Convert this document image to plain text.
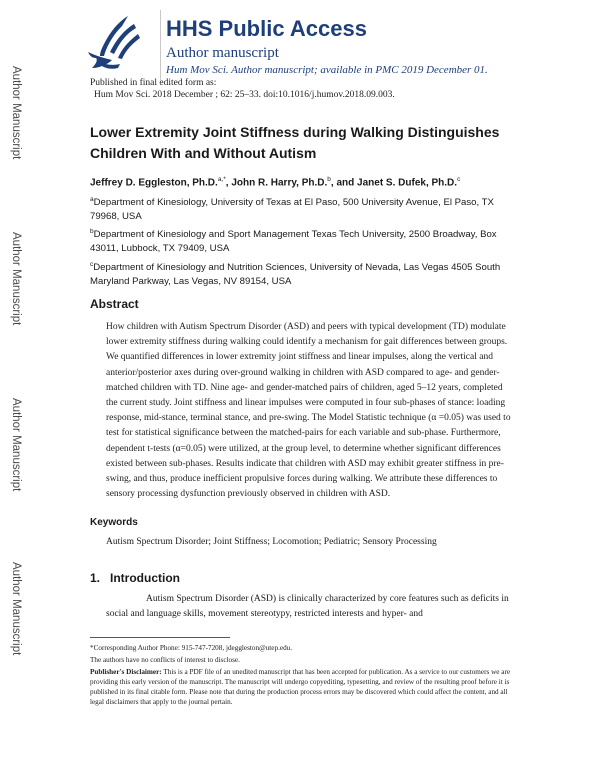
Author Manuscript
Author Manuscript
Author Manuscript
Author Manuscript
HHS Public Access
Author manuscript
Hum Mov Sci. Author manuscript; available in PMC 2019 December 01.
Published in final edited form as:
Hum Mov Sci. 2018 December ; 62: 25–33. doi:10.1016/j.humov.2018.09.003.
Lower Extremity Joint Stiffness during Walking Distinguishes Children With and Without Autism
Jeffrey D. Eggleston, Ph.D.$^{a,*}$, John R. Harry, Ph.D.$^b$, and Janet S. Dufek, Ph.D.$^c$
$^a$Department of Kinesiology, University of Texas at El Paso, 500 University Avenue, El Paso, TX 79968, USA
$^b$Department of Kinesiology and Sport Management Texas Tech University, 2500 Broadway, Box 43011, Lubbock, TX 79409, USA
$^c$Department of Kinesiology and Nutrition Sciences, University of Nevada, Las Vegas 4505 South Maryland Parkway, Las Vegas, NV 89154, USA
Abstract
How children with Autism Spectrum Disorder (ASD) and peers with typical development (TD) modulate lower extremity stiffness during walking could identify a mechanism for gait differences between groups. We quantified differences in lower extremity joint stiffness and linear impulses, along the vertical and anterior/posterior axes during over-ground walking in children with ASD compared to age- and gender-matched children with TD. Nine age- and gender-matched pairs of children, aged 5–12 years, completed the current study. Joint stiffness and linear impulses were computed in four sub-phases of stance: loading response, mid-stance, terminal stance, and pre-swing. The Model Statistic technique (α =0.05) was used to test for statistical significance between the matched-pairs for each variable and sub-phase. Furthermore, dependent t-tests (α=0.05) were utilized, at the group level, to determine whether significant differences existed between sub-phases. Results indicate that children with ASD may exhibit greater stiffness in pre-swing, and thus, produce inefficient propulsive forces during walking. We attribute these differences to sensory processing dysfunction previously observed in children with ASD.
Keywords
Autism Spectrum Disorder; Joint Stiffness; Locomotion; Pediatric; Sensory Processing
1. Introduction
Autism Spectrum Disorder (ASD) is clinically characterized by core features such as deficits in social and language skills, movement stereotypy, restricted interests and hyper- and

*Corresponding Author Phone: 915-747-7208, jdeggleston@utep.edu.

The authors have no conflicts of interest to disclose.

Publisher's Disclaimer: This is a PDF file of an unedited manuscript that has been accepted for publication. As a service to our customers we are providing this early version of the manuscript. The manuscript will undergo copyediting, typesetting, and review of the resulting proof before it is published in its final citable form. Please note that during the production process errors may be discovered which could affect the content, and all legal disclaimers that apply to the journal pertain.
